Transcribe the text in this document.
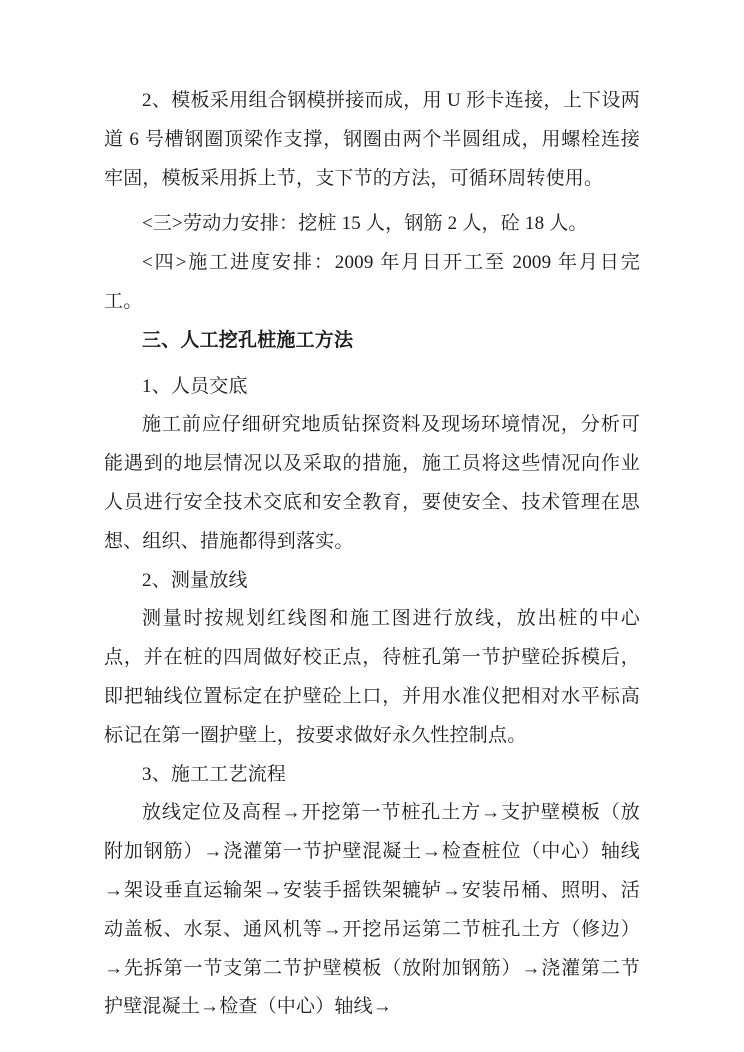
2、模板采用组合钢模拼接而成，用 U 形卡连接，上下设两道 6 号槽钢圈顶梁作支撑，钢圈由两个半圆组成，用螺栓连接牢固，模板采用拆上节，支下节的方法，可循环周转使用。

<三>劳动力安排：挖桩 15 人，钢筋 2 人，砼 18 人。

<四>施工进度安排：2009 年月日开工至 2009 年月日完工。

三、人工挖孔桩施工方法

1、人员交底

施工前应仔细研究地质钻探资料及现场环境情况，分析可能遇到的地层情况以及采取的措施，施工员将这些情况向作业人员进行安全技术交底和安全教育，要使安全、技术管理在思想、组织、措施都得到落实。

2、测量放线

测量时按规划红线图和施工图进行放线，放出桩的中心点，并在桩的四周做好校正点，待桩孔第一节护壁砼拆模后，即把轴线位置标定在护壁砼上口，并用水准仪把相对水平标高标记在第一圈护壁上，按要求做好永久性控制点。

3、施工工艺流程

放线定位及高程→开挖第一节桩孔土方→支护壁模板（放附加钢筋）→浇灌第一节护壁混凝土→检查桩位（中心）轴线→架设垂直运输架→安装手摇铁架辘轳→安装吊桶、照明、活动盖板、水泵、通风机等→开挖吊运第二节桩孔土方（修边）→先拆第一节支第二节护壁模板（放附加钢筋）→浇灌第二节护壁混凝土→检查（中心）轴线→
